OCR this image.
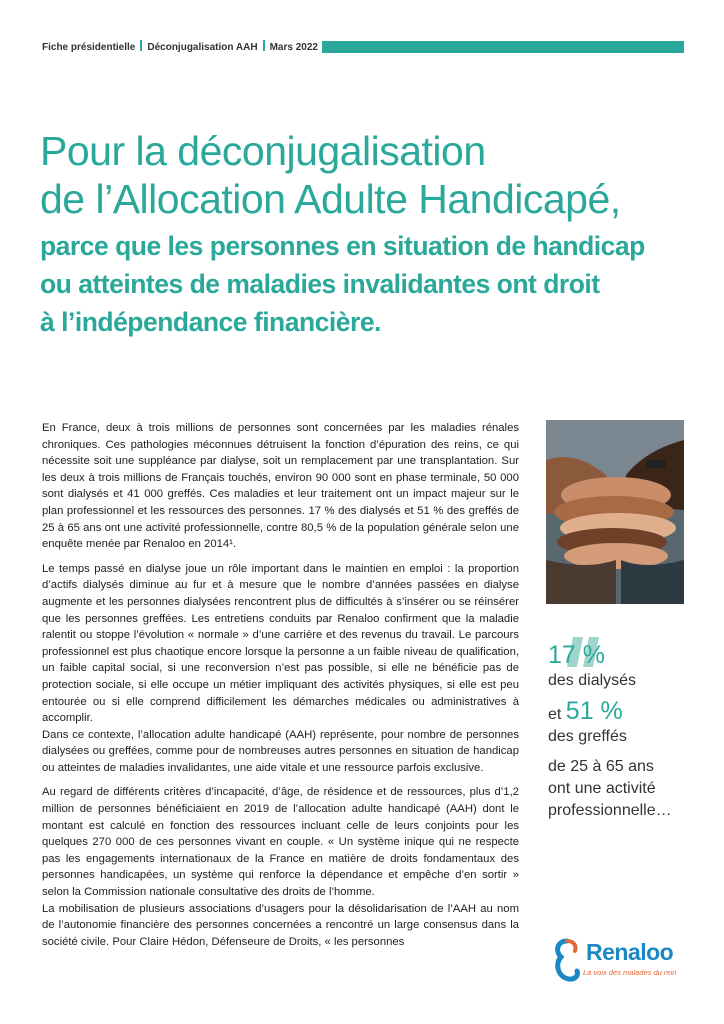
Fiche présidentielle Déconjugalisation AAH Mars 2022
Pour la déconjugalisation
de l’Allocation Adulte Handicapé,
parce que les personnes en situation de handicap
ou atteintes de maladies invalidantes ont droit
à l’indépendance financière.

En France, deux à trois millions de personnes sont concernées par les maladies rénales chroniques. Ces pathologies méconnues détruisent la fonction d’épuration des reins, ce qui nécessite soit une suppléance par dialyse, soit un remplacement par une transplantation. Sur les deux à trois millions de Français touchés, environ 90 000 sont en phase terminale, 50 000 sont dialysés et 41 000 greffés. Ces maladies et leur traitement ont un impact majeur sur le plan professionnel et les ressources des personnes. 17 % des dialysés et 51 % des greffés de 25 à 65 ans ont une activité professionnelle, contre 80,5 % de la population générale selon une enquête menée par Renaloo en 2014¹.

Le temps passé en dialyse joue un rôle important dans le maintien en emploi : la proportion d’actifs dialysés diminue au fur et à mesure que le nombre d’années passées en dialyse augmente et les personnes dialysées rencontrent plus de difficultés à s’insérer ou se réinsérer que les personnes greffées. Les entretiens conduits par Renaloo confirment que la maladie ralentit ou stoppe l’évolution « normale » d’une carrière et des revenus du travail. Le parcours professionnel est plus chaotique encore lorsque la personne a un faible niveau de qualification, un faible capital social, si une reconversion n’est pas possible, si elle ne bénéficie pas de protection sociale, si elle occupe un métier impliquant des activités physiques, si elle est peu entourée ou si elle comprend difficilement les démarches médicales ou administratives à accomplir.

Dans ce contexte, l’allocation adulte handicapé (AAH) représente, pour nombre de personnes dialysées ou greffées, comme pour de nombreuses autres personnes en situation de handicap ou atteintes de maladies invalidantes, une aide vitale et une ressource parfois exclusive.

Au regard de différents critères d’incapacité, d’âge, de résidence et de ressources, plus d’1,2 million de personnes bénéficiaient en 2019 de l’allocation adulte handicapé (AAH) dont le montant est calculé en fonction des ressources incluant celle de leurs conjoints pour les quelques 270 000 de ces personnes vivant en couple. « Un système inique qui ne respecte pas les engagements internationaux de la France en matière de droits fondamentaux des personnes handicapées, un système qui renforce la dépendance et empêche d’en sortir » selon la Commission nationale consultative des droits de l’homme.

La mobilisation de plusieurs associations d’usagers pour la désolidarisation de l’AAH au nom de l’autonomie financière des personnes concernées a rencontré un large consensus dans la société civile. Pour Claire Hédon, Défenseure de Droits, « les personnes

17 %
des dialysés
et 51 %
des greffés
de 25 à 65 ans
ont une activité
professionnelle…
Renaloo
La voix des malades du rein
